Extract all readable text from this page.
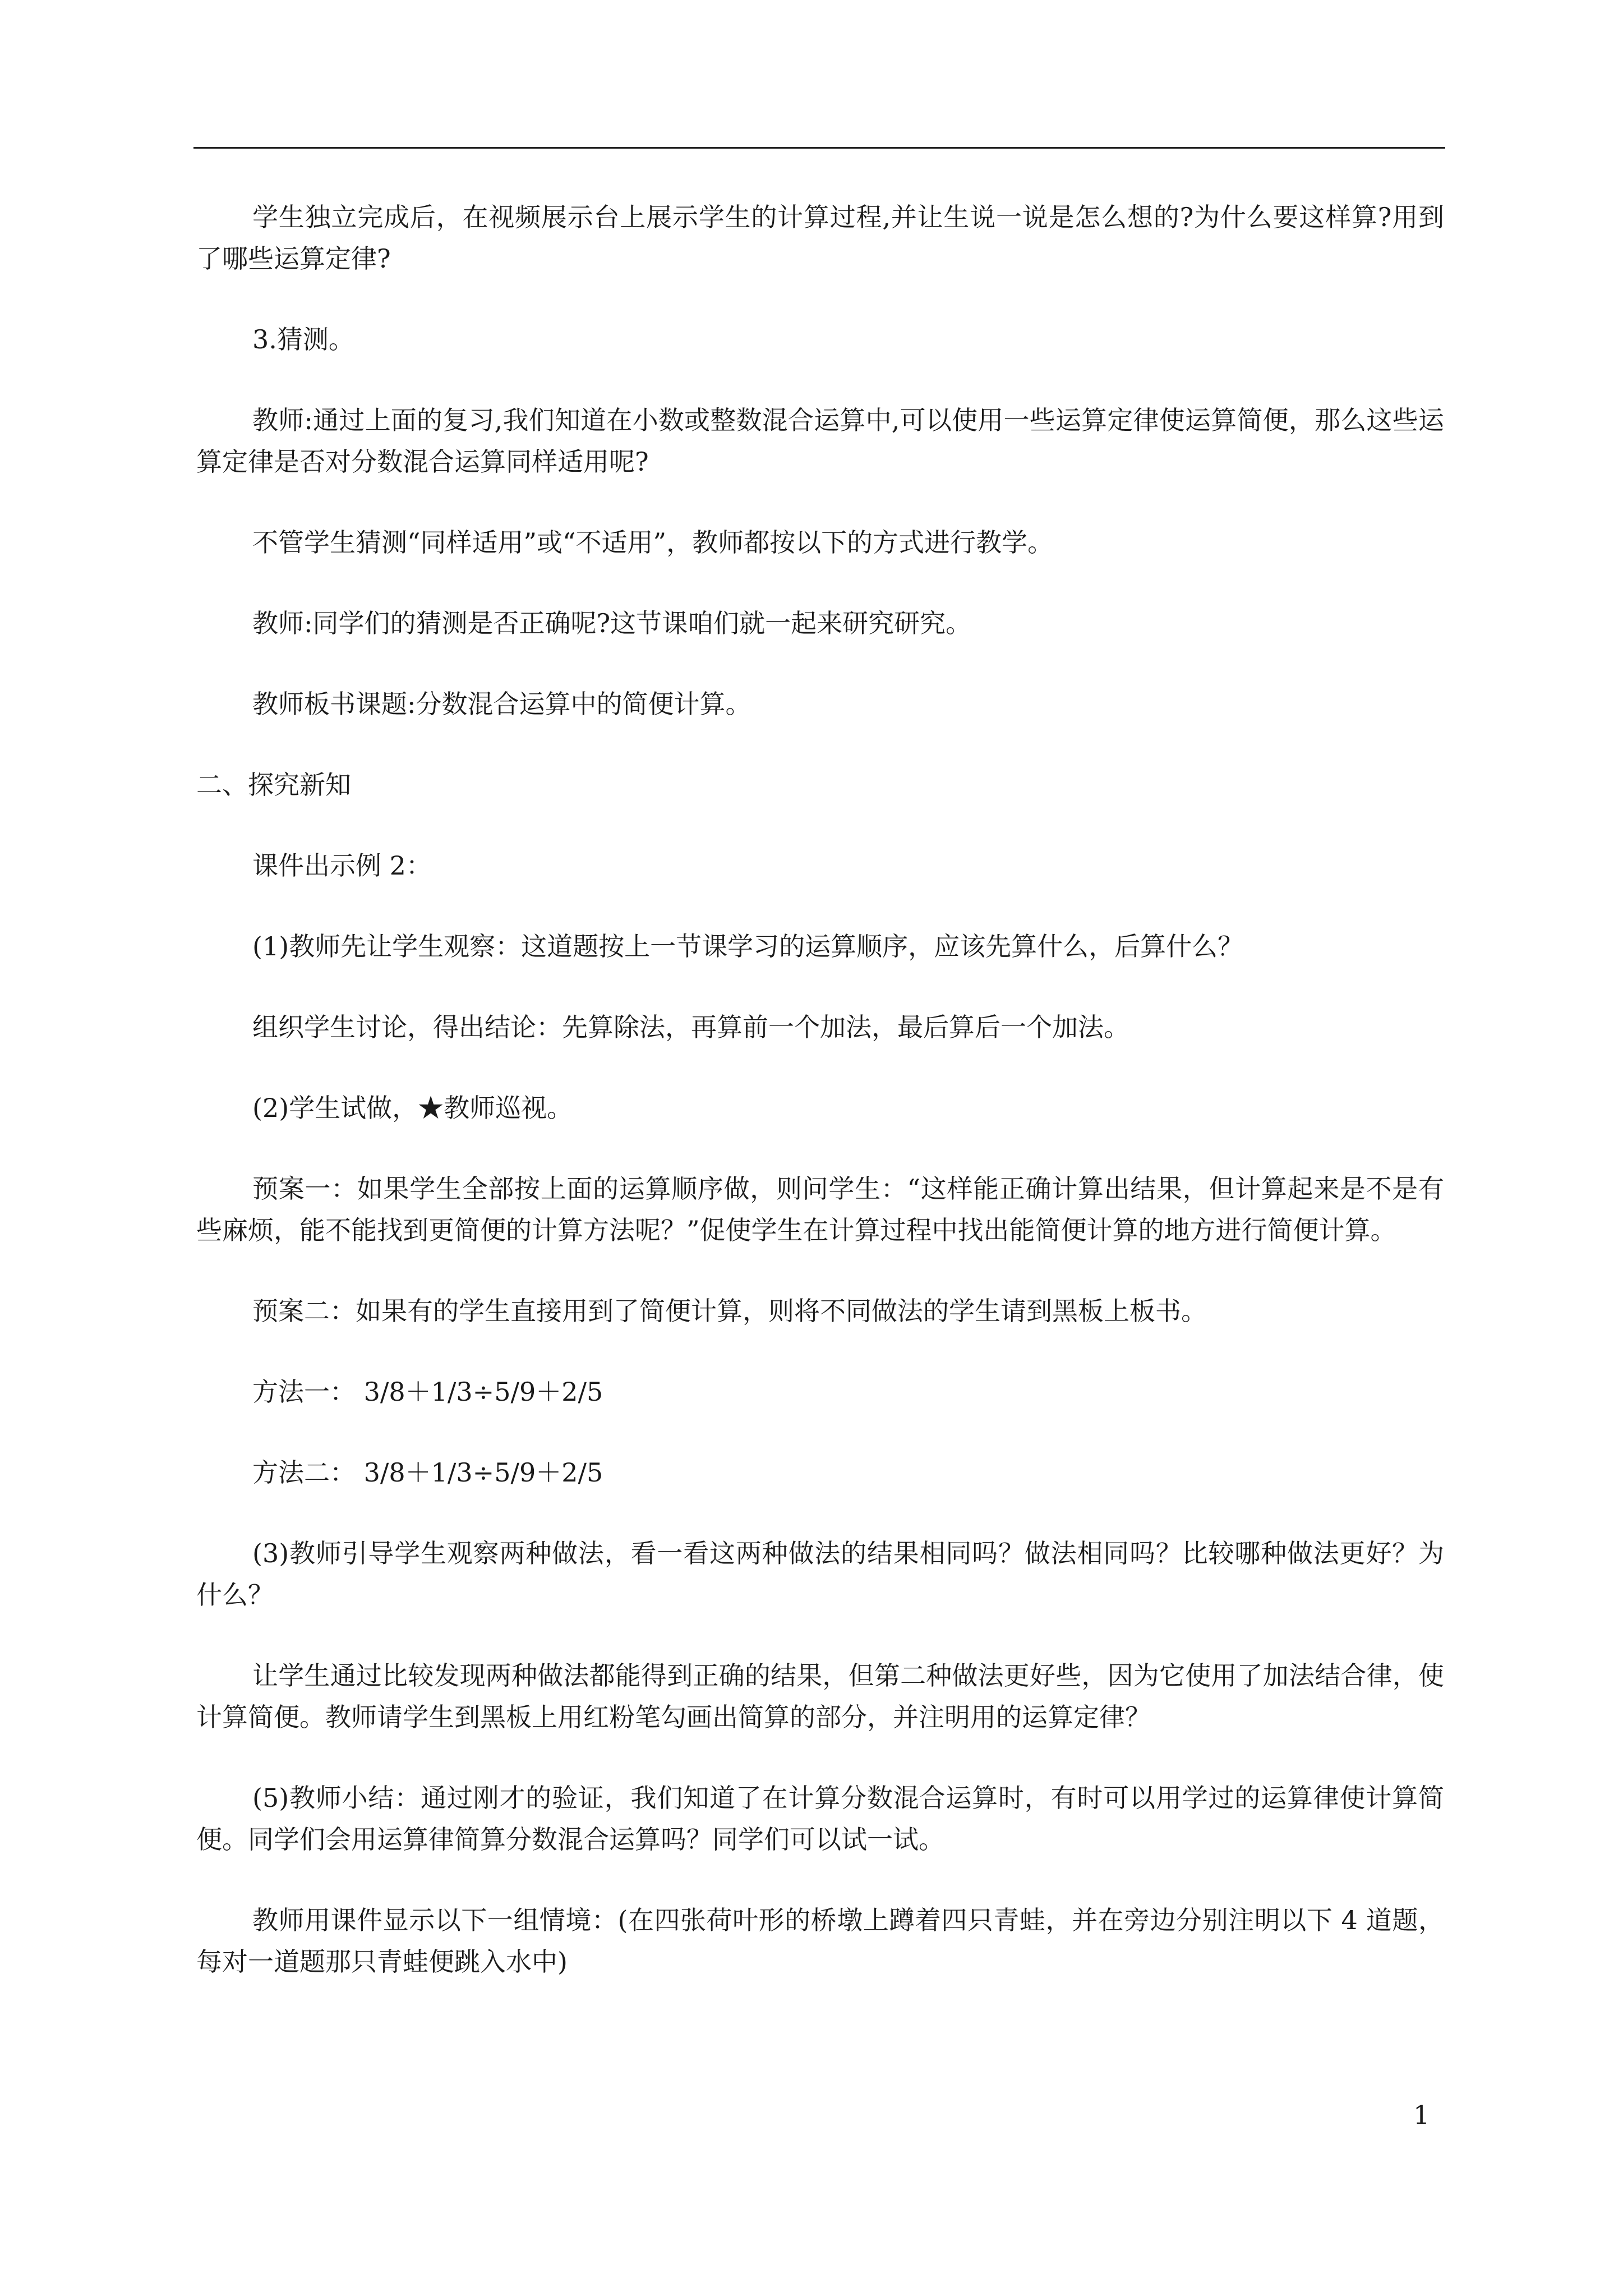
学生独立完成后，在视频展示台上展示学生的计算过程,并让生说一说是怎么想的?为什么要这样算?用到了哪些运算定律?

3.猜测。

教师:通过上面的复习,我们知道在小数或整数混合运算中,可以使用一些运算定律使运算简便，那么这些运算定律是否对分数混合运算同样适用呢?

不管学生猜测“同样适用”或“不适用”，教师都按以下的方式进行教学。

教师:同学们的猜测是否正确呢?这节课咱们就一起来研究研究。

教师板书课题:分数混合运算中的简便计算。

二、探究新知

课件出示例 2：

(1)教师先让学生观察：这道题按上一节课学习的运算顺序，应该先算什么，后算什么？

组织学生讨论，得出结论：先算除法，再算前一个加法，最后算后一个加法。

(2)学生试做，★教师巡视。

预案一：如果学生全部按上面的运算顺序做，则问学生：“这样能正确计算出结果，但计算起来是不是有些麻烦，能不能找到更简便的计算方法呢？”促使学生在计算过程中找出能简便计算的地方进行简便计算。

预案二：如果有的学生直接用到了简便计算，则将不同做法的学生请到黑板上板书。

方法一： 3/8＋1/3÷5/9＋2/5

方法二： 3/8＋1/3÷5/9＋2/5

(3)教师引导学生观察两种做法，看一看这两种做法的结果相同吗？做法相同吗？比较哪种做法更好？为什么？

让学生通过比较发现两种做法都能得到正确的结果，但第二种做法更好些，因为它使用了加法结合律，使计算简便。教师请学生到黑板上用红粉笔勾画出简算的部分，并注明用的运算定律？

(5)教师小结：通过刚才的验证，我们知道了在计算分数混合运算时，有时可以用学过的运算律使计算简便。同学们会用运算律简算分数混合运算吗？同学们可以试一试。

教师用课件显示以下一组情境：(在四张荷叶形的桥墩上蹲着四只青蛙，并在旁边分别注明以下 4 道题，每对一道题那只青蛙便跳入水中)

1
